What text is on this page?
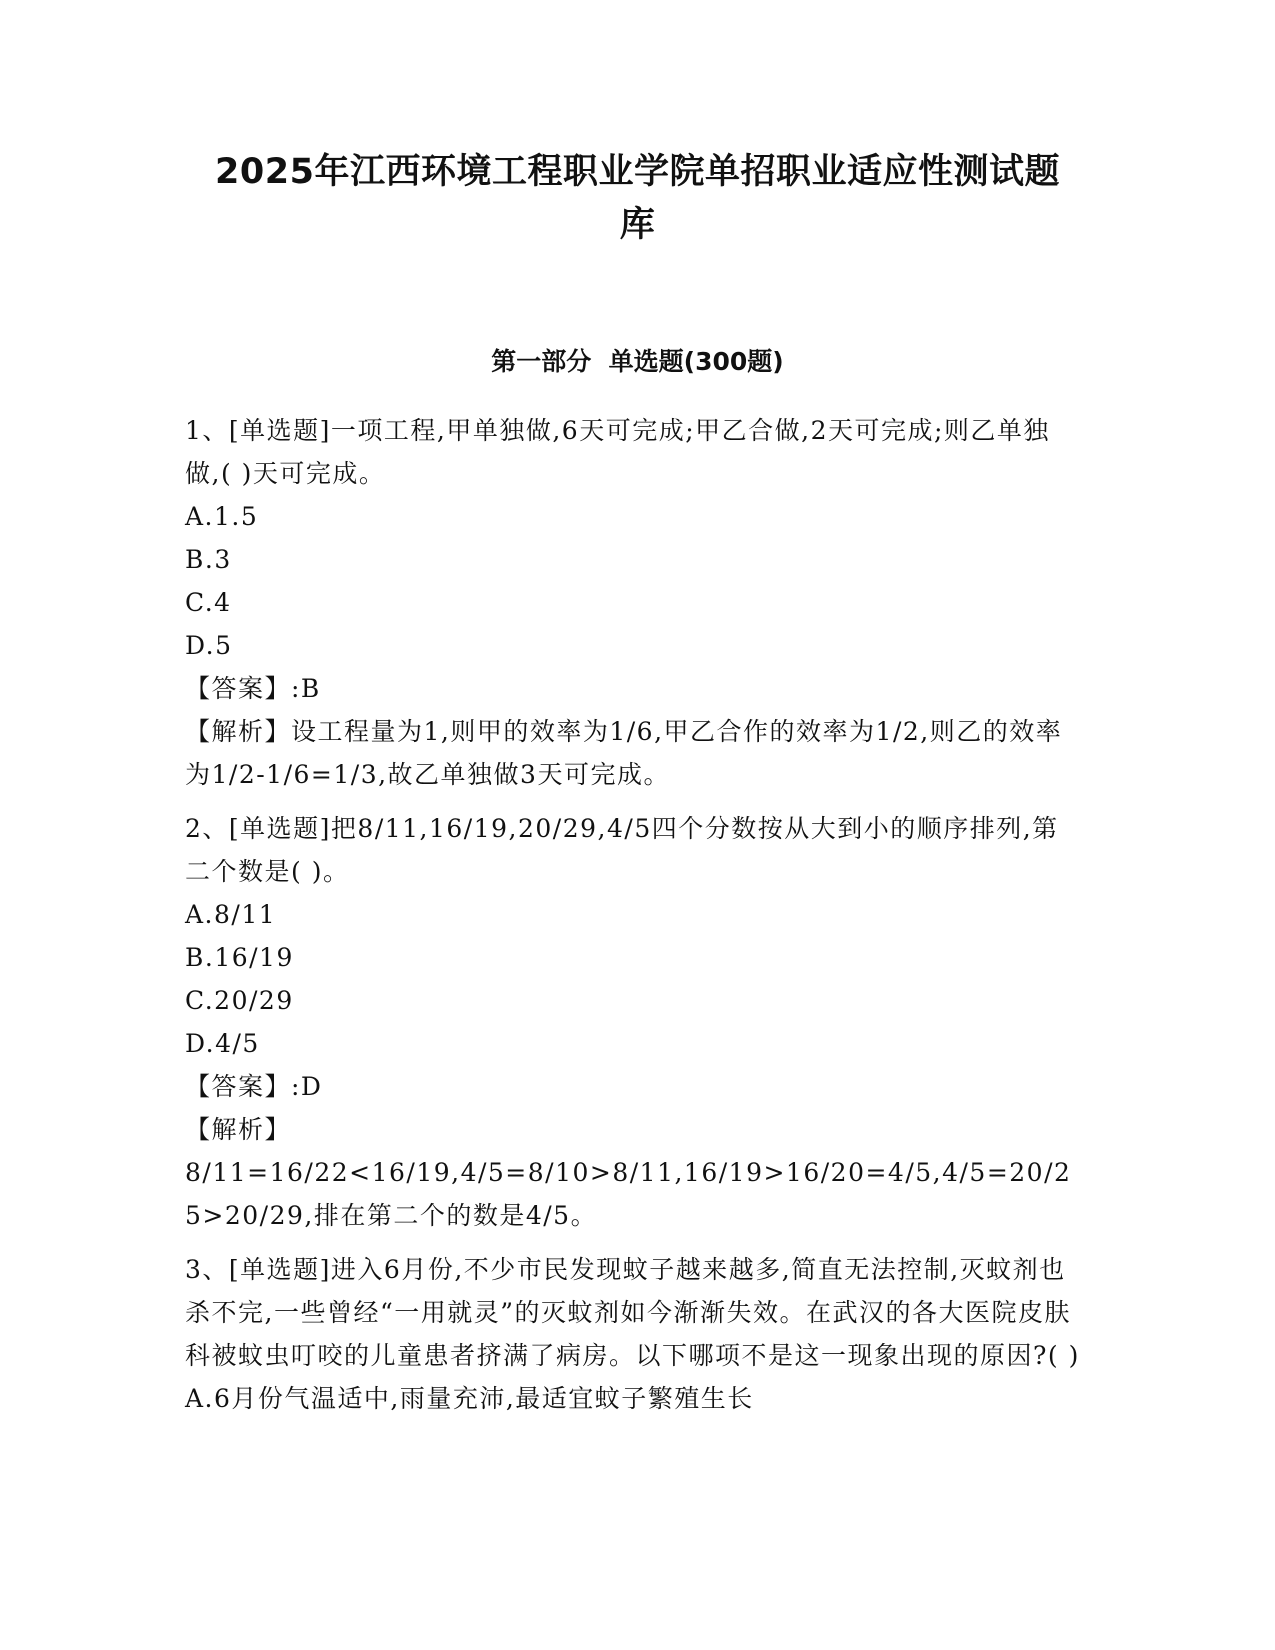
2025年江西环境工程职业学院单招职业适应性测试题
库
第一部分  单选题(300题)

1、[单选题]一项工程,甲单独做,6天可完成;甲乙合做,2天可完成;则乙单独做,( )天可完成。

A.1.5

B.3

C.4

D.5

【答案】:B

【解析】设工程量为1,则甲的效率为1/6,甲乙合作的效率为1/2,则乙的效率为1/2-1/6=1/3,故乙单独做3天可完成。

2、[单选题]把8/11,16/19,20/29,4/5四个分数按从大到小的顺序排列,第二个数是( )。

A.8/11

B.16/19

C.20/29

D.4/5

【答案】:D

【解析】

8/11=16/22<16/19,4/5=8/10>8/11,16/19>16/20=4/5,4/5=20/25>20/29,排在第二个的数是4/5。

3、[单选题]进入6月份,不少市民发现蚊子越来越多,简直无法控制,灭蚊剂也杀不完,一些曾经“一用就灵”的灭蚊剂如今渐渐失效。在武汉的各大医院皮肤科被蚊虫叮咬的儿童患者挤满了病房。以下哪项不是这一现象出现的原因?( )

A.6月份气温适中,雨量充沛,最适宜蚊子繁殖生长
